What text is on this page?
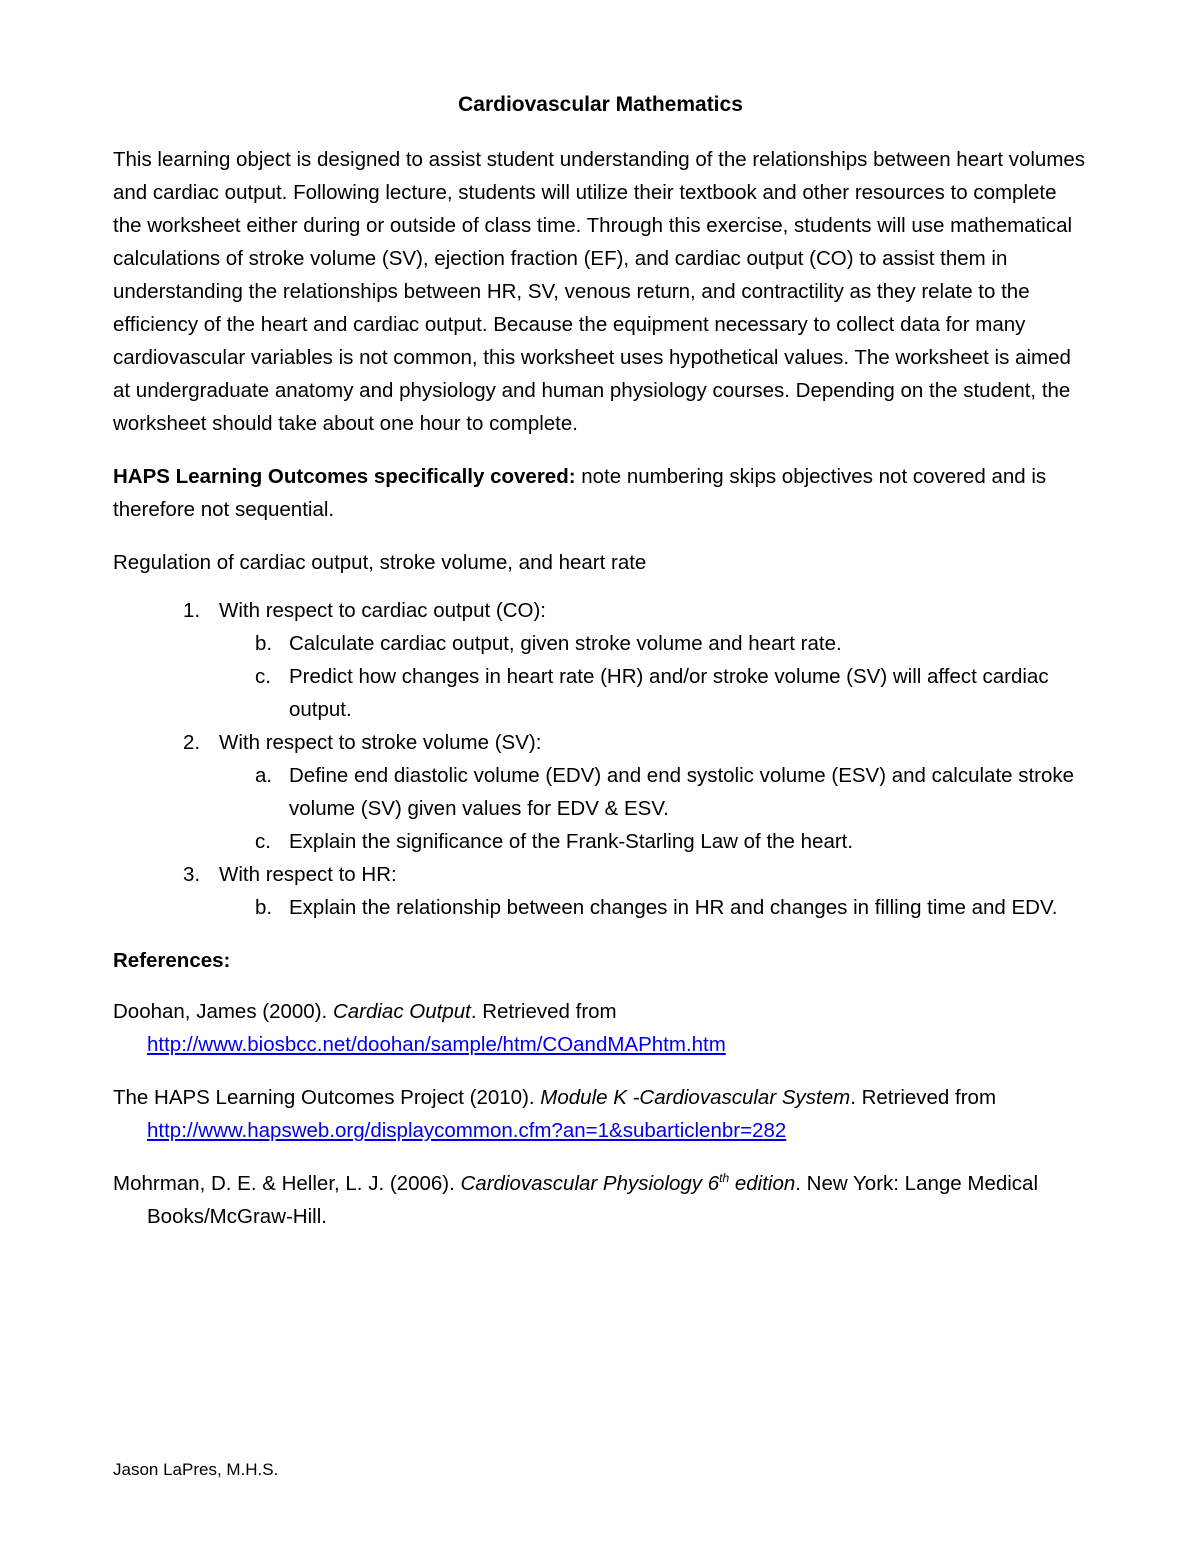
Cardiovascular Mathematics

This learning object is designed to assist student understanding of the relationships between heart volumes and cardiac output. Following lecture, students will utilize their textbook and other resources to complete the worksheet either during or outside of class time. Through this exercise, students will use mathematical calculations of stroke volume (SV), ejection fraction (EF), and cardiac output (CO) to assist them in understanding the relationships between HR, SV, venous return, and contractility as they relate to the efficiency of the heart and cardiac output. Because the equipment necessary to collect data for many cardiovascular variables is not common, this worksheet uses hypothetical values. The worksheet is aimed at undergraduate anatomy and physiology and human physiology courses. Depending on the student, the worksheet should take about one hour to complete.

HAPS Learning Outcomes specifically covered: note numbering skips objectives not covered and is therefore not sequential.

Regulation of cardiac output, stroke volume, and heart rate

1. With respect to cardiac output (CO):
b. Calculate cardiac output, given stroke volume and heart rate.
c. Predict how changes in heart rate (HR) and/or stroke volume (SV) will affect cardiac output.
2. With respect to stroke volume (SV):
a. Define end diastolic volume (EDV) and end systolic volume (ESV) and calculate stroke volume (SV) given values for EDV & ESV.
c. Explain the significance of the Frank-Starling Law of the heart.
3. With respect to HR:
b. Explain the relationship between changes in HR and changes in filling time and EDV.

References:

Doohan, James (2000). Cardiac Output. Retrieved from
http://www.biosbcc.net/doohan/sample/htm/COandMAPhtm.htm

The HAPS Learning Outcomes Project (2010). Module K -Cardiovascular System. Retrieved from
http://www.hapsweb.org/displaycommon.cfm?an=1&subarticlenbr=282

Mohrman, D. E. & Heller, L. J. (2006). Cardiovascular Physiology 6th edition. New York: Lange Medical Books/McGraw-Hill.

Jason LaPres, M.H.S.
